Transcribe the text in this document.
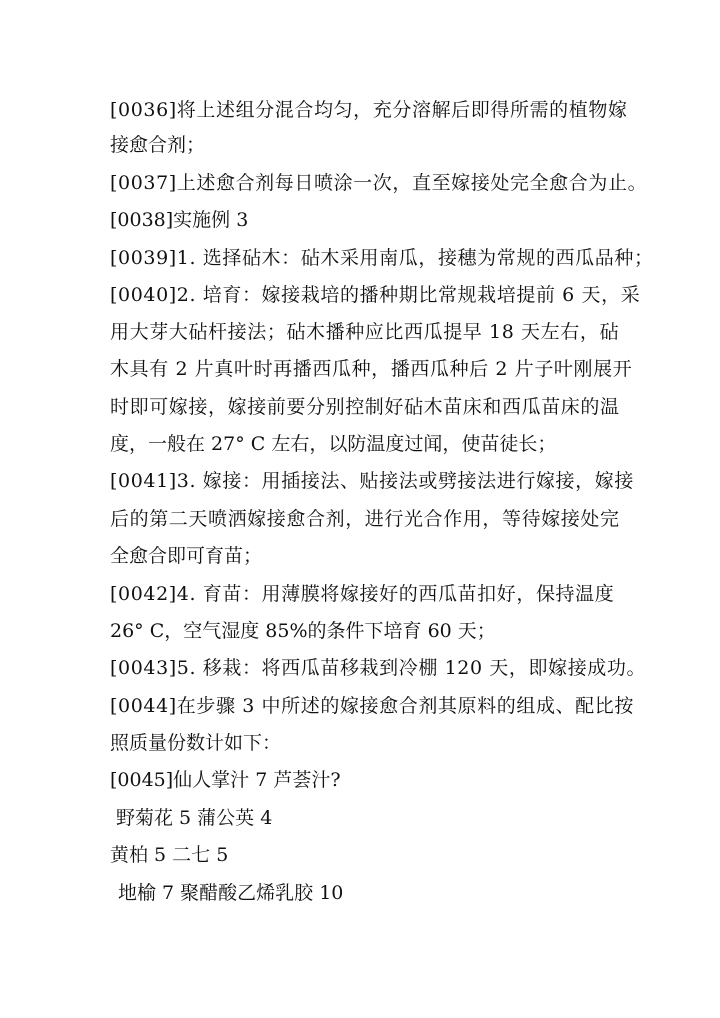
[0036]将上述组分混合均匀，充分溶解后即得所需的植物嫁
接愈合剂；
[0037]上述愈合剂每日喷涂一次，直至嫁接处完全愈合为止。
[0038]实施例 3
[0039]1. 选择砧木：砧木采用南瓜，接穗为常规的西瓜品种；
[0040]2. 培育：嫁接栽培的播种期比常规栽培提前 6 天，采
用大芽大砧杆接法；砧木播种应比西瓜提早 18 天左右，砧
木具有 2 片真叶时再播西瓜种，播西瓜种后 2 片子叶刚展开
时即可嫁接，嫁接前要分别控制好砧木苗床和西瓜苗床的温
度，一般在 27° C 左右，以防温度过闻，使苗徒长；
[0041]3. 嫁接：用插接法、贴接法或劈接法进行嫁接，嫁接
后的第二天喷洒嫁接愈合剂，进行光合作用，等待嫁接处完
全愈合即可育苗；
[0042]4. 育苗：用薄膜将嫁接好的西瓜苗扣好，保持温度
26° C，空气湿度 85%的条件下培育 60 天；
[0043]5. 移栽：将西瓜苗移栽到冷棚 120 天，即嫁接成功。
[0044]在步骤 3 中所述的嫁接愈合剂其原料的组成、配比按
照质量份数计如下：
[0045]仙人掌汁 7 芦荟汁?
野菊花 5 蒲公英 4
黄柏 5 二七 5
地榆 7 聚醋酸乙烯乳胶 10
